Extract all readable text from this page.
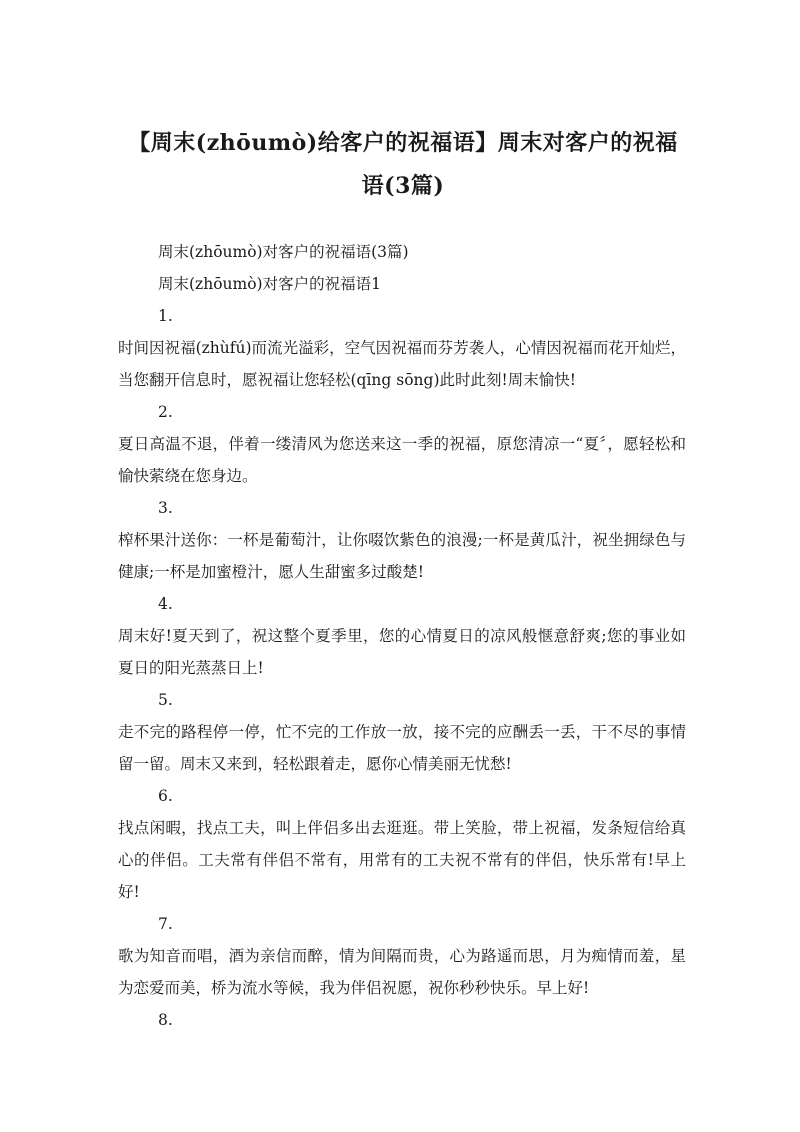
【周末(zhōumò)给客户的祝福语】周末对客户的祝福语(3篇)

周末(zhōumò)对客户的祝福语(3篇)

周末(zhōumò)对客户的祝福语1

1.

时间因祝福(zhùfú)而流光溢彩，空气因祝福而芬芳袭人，心情因祝福而花开灿烂，当您翻开信息时，愿祝福让您轻松(qīng sōng)此时此刻!周末愉快!

2.

夏日高温不退，伴着一缕清风为您送来这一季的祝福，原您清凉一“夏〞，愿轻松和愉快萦绕在您身边。

3.

榨杯果汁送你：一杯是葡萄汁，让你啜饮紫色的浪漫;一杯是黄瓜汁，祝坐拥绿色与健康;一杯是加蜜橙汁，愿人生甜蜜多过酸楚!

4.

周末好!夏天到了，祝这整个夏季里，您的心情夏日的凉风般惬意舒爽;您的事业如夏日的阳光蒸蒸日上!

5.

走不完的路程停一停，忙不完的工作放一放，接不完的应酬丢一丢，干不尽的事情留一留。周末又来到，轻松跟着走，愿你心情美丽无忧愁!

6.

找点闲暇，找点工夫，叫上伴侣多出去逛逛。带上笑脸，带上祝福，发条短信给真心的伴侣。工夫常有伴侣不常有，用常有的工夫祝不常有的伴侣，快乐常有!早上好!

7.

歌为知音而唱，酒为亲信而醉，情为间隔而贵，心为路遥而思，月为痴情而羞，星为恋爱而美，桥为流水等候，我为伴侣祝愿，祝你秒秒快乐。早上好!

8.
